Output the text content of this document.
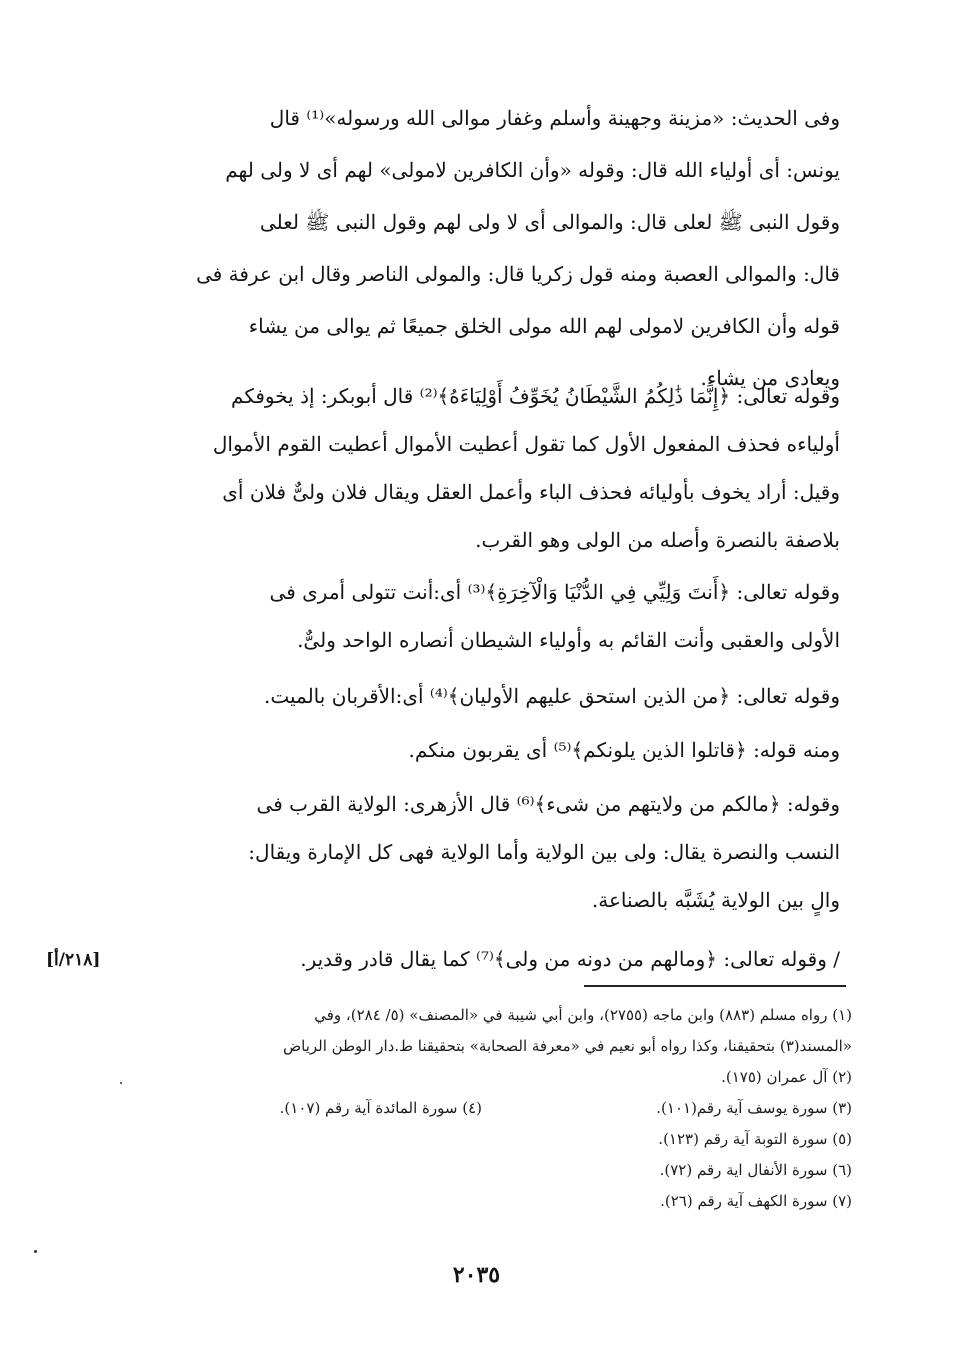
وفى الحديث: «مزينة وجهينة وأسلم وغفار موالى الله ورسوله»⁽¹⁾ قال
يونس: أى أولياء الله قال: وقوله «وأن الكافرين لامولى» لهم أى لا ولى لهم
وقول النبى ﷺ لعلى قال: والموالى أى لا ولى لهم وقول النبى ﷺ لعلى
قال: والموالى العصبة ومنه قول زكريا قال: والمولى الناصر وقال ابن عرفة فى
قوله وأن الكافرين لامولى لهم الله مولى الخلق جميعًا ثم يوالى من يشاء
ويعادى من يشاء.
وقوله تعالى: ﴿إِنَّمَا ذَٰلِكُمُ الشَّيْطَانُ يُخَوِّفُ أَوْلِيَاءَهُ﴾⁽²⁾ قال أبوبكر: إذ يخوفكم
أولياءه فحذف المفعول الأول كما تقول أعطيت الأموال أعطيت القوم الأموال
وقيل: أراد يخوف بأوليائه فحذف الباء وأعمل العقل ويقال فلان ولىٌّ فلان أى
بلاصفة بالنصرة وأصله من الولى وهو القرب.
وقوله تعالى: ﴿أَنتَ وَلِيِّي فِي الدُّنْيَا وَالْآخِرَةِ﴾⁽³⁾ أى:أنت تتولى أمرى فى
الأولى والعقبى وأنت القائم به وأولياء الشيطان أنصاره الواحد ولىٌّ.
وقوله تعالى: ﴿من الذين استحق عليهم الأوليان﴾⁽⁴⁾ أى:الأقربان بالميت.
ومنه قوله: ﴿قاتلوا الذين يلونكم﴾⁽⁵⁾ أى يقربون منكم.
وقوله: ﴿مالكم من ولايتهم من شىء﴾⁽⁶⁾ قال الأزهرى: الولاية القرب فى
النسب والنصرة يقال: ولى بين الولاية وأما الولاية فهى كل الإمارة ويقال:
والٍ بين الولاية يُشَبَّه بالصناعة.
/ وقوله تعالى: ﴿ومالهم من دونه من ولى﴾⁽⁷⁾ كما يقال قادر وقدير.
[٢١٨/أ]
(١) رواه مسلم (٨٨٣) وابن ماجه (٢٧٥٥)، وابن أبي شيبة في «المصنف» (٥/ ٢٨٤)، وفي
«المسند(٣) بتحقيقنا، وكذا رواه أبو نعيم في «معرفة الصحابة» بتحقيقنا ط.دار الوطن الرياض
(٢) آل عمران (١٧٥).
(٣) سورة يوسف آية رقم(١٠١).
(٤) سورة المائدة آية رقم (١٠٧).
(٥) سورة التوبة آية رقم (١٢٣).
(٦) سورة الأنفال اية رقم (٧٢).
(٧) سورة الكهف آية رقم (٢٦).
٢٠٣٥
